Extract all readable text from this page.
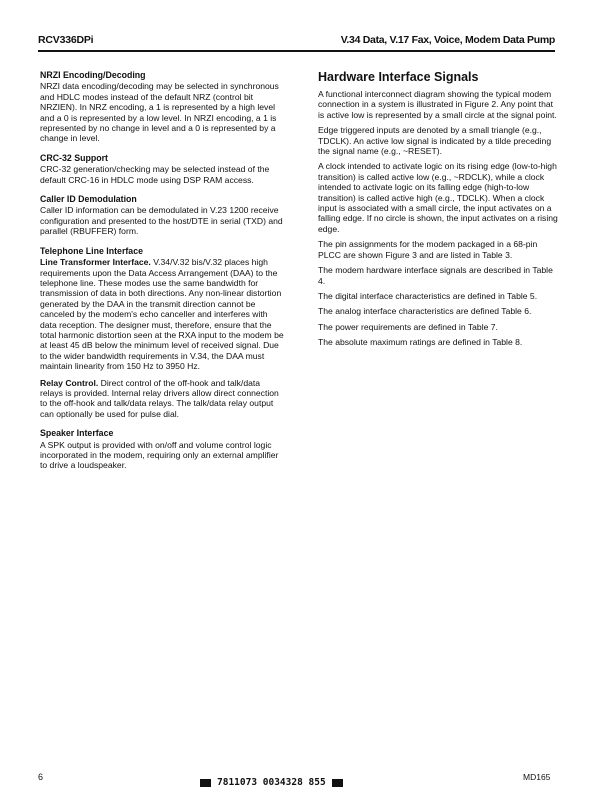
RCV336DPi	V.34 Data, V.17 Fax, Voice, Modem Data Pump
NRZI Encoding/Decoding

NRZI data encoding/decoding may be selected in synchronous and HDLC modes instead of the default NRZ (control bit NRZIEN). In NRZ encoding, a 1 is represented by a high level and a 0 is represented by a low level. In NRZI encoding, a 1 is represented by no change in level and a 0 is represented by a change in level.

CRC-32 Support

CRC-32 generation/checking may be selected instead of the default CRC-16 in HDLC mode using DSP RAM access.

Caller ID Demodulation

Caller ID information can be demodulated in V.23 1200 receive configuration and presented to the host/DTE in serial (TXD) and parallel (RBUFFER) form.

Telephone Line Interface

Line Transformer Interface. V.34/V.32 bis/V.32 places high requirements upon the Data Access Arrangement (DAA) to the telephone line. These modes use the same bandwidth for transmission of data in both directions. Any non-linear distortion generated by the DAA in the transmit direction cannot be canceled by the modem's echo canceller and interferes with data reception. The designer must, therefore, ensure that the total harmonic distortion seen at the RXA input to the modem be at least 45 dB below the minimum level of received signal. Due to the wider bandwidth requirements in V.34, the DAA must maintain linearity from 150 Hz to 3950 Hz.

Relay Control. Direct control of the off-hook and talk/data relays is provided. Internal relay drivers allow direct connection to the off-hook and talk/data relays. The talk/data relay output can optionally be used for pulse dial.

Speaker Interface

A SPK output is provided with on/off and volume control logic incorporated in the modem, requiring only an external amplifier to drive a loudspeaker.

Hardware Interface Signals

A functional interconnect diagram showing the typical modem connection in a system is illustrated in Figure 2. Any point that is active low is represented by a small circle at the signal point.

Edge triggered inputs are denoted by a small triangle (e.g., TDCLK). An active low signal is indicated by a tilde preceding the signal name (e.g., ~RESET).

A clock intended to activate logic on its rising edge (low-to-high transition) is called active low (e.g., ~RDCLK), while a clock intended to activate logic on its falling edge (high-to-low transition) is called active high (e.g., TDCLK). When a clock input is associated with a small circle, the input activates on a falling edge. If no circle is shown, the input activates on a rising edge.

The pin assignments for the modem packaged in a 68-pin PLCC are shown Figure 3 and are listed in Table 3.

The modem hardware interface signals are described in Table 4.

The digital interface characteristics are defined in Table 5.

The analog interface characteristics are defined Table 6.

The power requirements are defined in Table 7.

The absolute maximum ratings are defined in Table 8.

6	7811073 0034328 855	MD165
